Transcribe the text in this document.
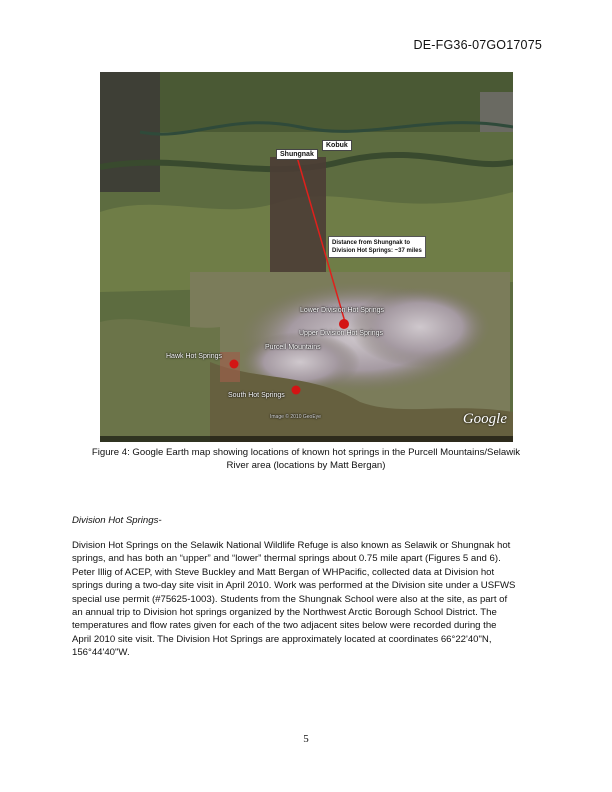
DE-FG36-07GO17075
Kobuk
Shungnak
Distance from Shungnak to
Division Hot Springs: ~37 miles
Lower Division Hot Springs
Upper Division Hot Springs
Purcell Mountains
Hawk Hot Springs
South Hot Springs
Image © 2010 GeoEye	Google
Figure 4: Google Earth map showing locations of known hot springs in the Purcell Mountains/Selawik
River area (locations by Matt Bergan)
Division Hot Springs-
Division Hot Springs on the Selawik National Wildlife Refuge is also known as Selawik or Shungnak hot
springs, and has both an “upper” and “lower” thermal springs about 0.75 mile apart (Figures 5 and 6).
Peter Illig of ACEP, with Steve Buckley and Matt Bergan of WHPacific, collected data at Division hot
springs during a two-day site visit in April 2010. Work was performed at the Division site under a USFWS
special use permit (#75625-1003). Students from the Shungnak School were also at the site, as part of
an annual trip to Division hot springs organized by the Northwest Arctic Borough School District. The
temperatures and flow rates given for each of the two adjacent sites below were recorded during the
April 2010 site visit. The Division Hot Springs are approximately located at coordinates 66°22'40"N,
156°44'40"W.
5
